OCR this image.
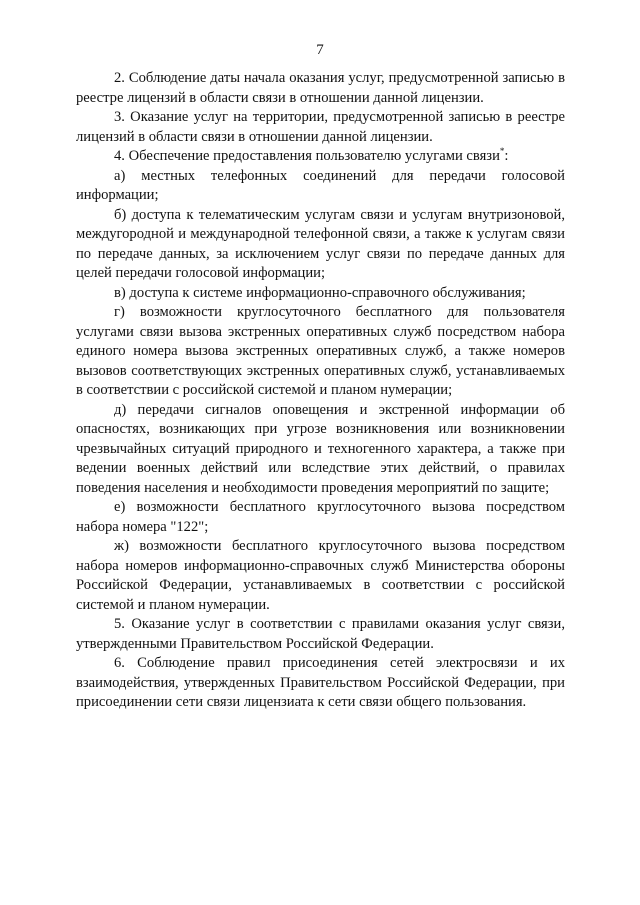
7

2. Соблюдение даты начала оказания услуг, предусмотренной записью в реестре лицензий в области связи в отношении данной лицензии.

3. Оказание услуг на территории, предусмотренной записью в реестре лицензий в области связи в отношении данной лицензии.

4. Обеспечение предоставления пользователю услугами связи*:

а) местных телефонных соединений для передачи голосовой информации;

б) доступа к телематическим услугам связи и услугам внутризоновой, междугородной и международной телефонной связи, а также к услугам связи по передаче данных, за исключением услуг связи по передаче данных для целей передачи голосовой информации;

в) доступа к системе информационно-справочного обслуживания;

г) возможности круглосуточного бесплатного для пользователя услугами связи вызова экстренных оперативных служб посредством набора единого номера вызова экстренных оперативных служб, а также номеров вызовов соответствующих экстренных оперативных служб, устанавливаемых в соответствии с российской системой и планом нумерации;

д) передачи сигналов оповещения и экстренной информации об опасностях, возникающих при угрозе возникновения или возникновении чрезвычайных ситуаций природного и техногенного характера, а также при ведении военных действий или вследствие этих действий, о правилах поведения населения и необходимости проведения мероприятий по защите;

е) возможности бесплатного круглосуточного вызова посредством набора номера "122";

ж) возможности бесплатного круглосуточного вызова посредством набора номеров информационно-справочных служб Министерства обороны Российской Федерации, устанавливаемых в соответствии с российской системой и планом нумерации.

5. Оказание услуг в соответствии с правилами оказания услуг связи, утвержденными Правительством Российской Федерации.

6. Соблюдение правил присоединения сетей электросвязи и их взаимодействия, утвержденных Правительством Российской Федерации, при присоединении сети связи лицензиата к сети связи общего пользования.
